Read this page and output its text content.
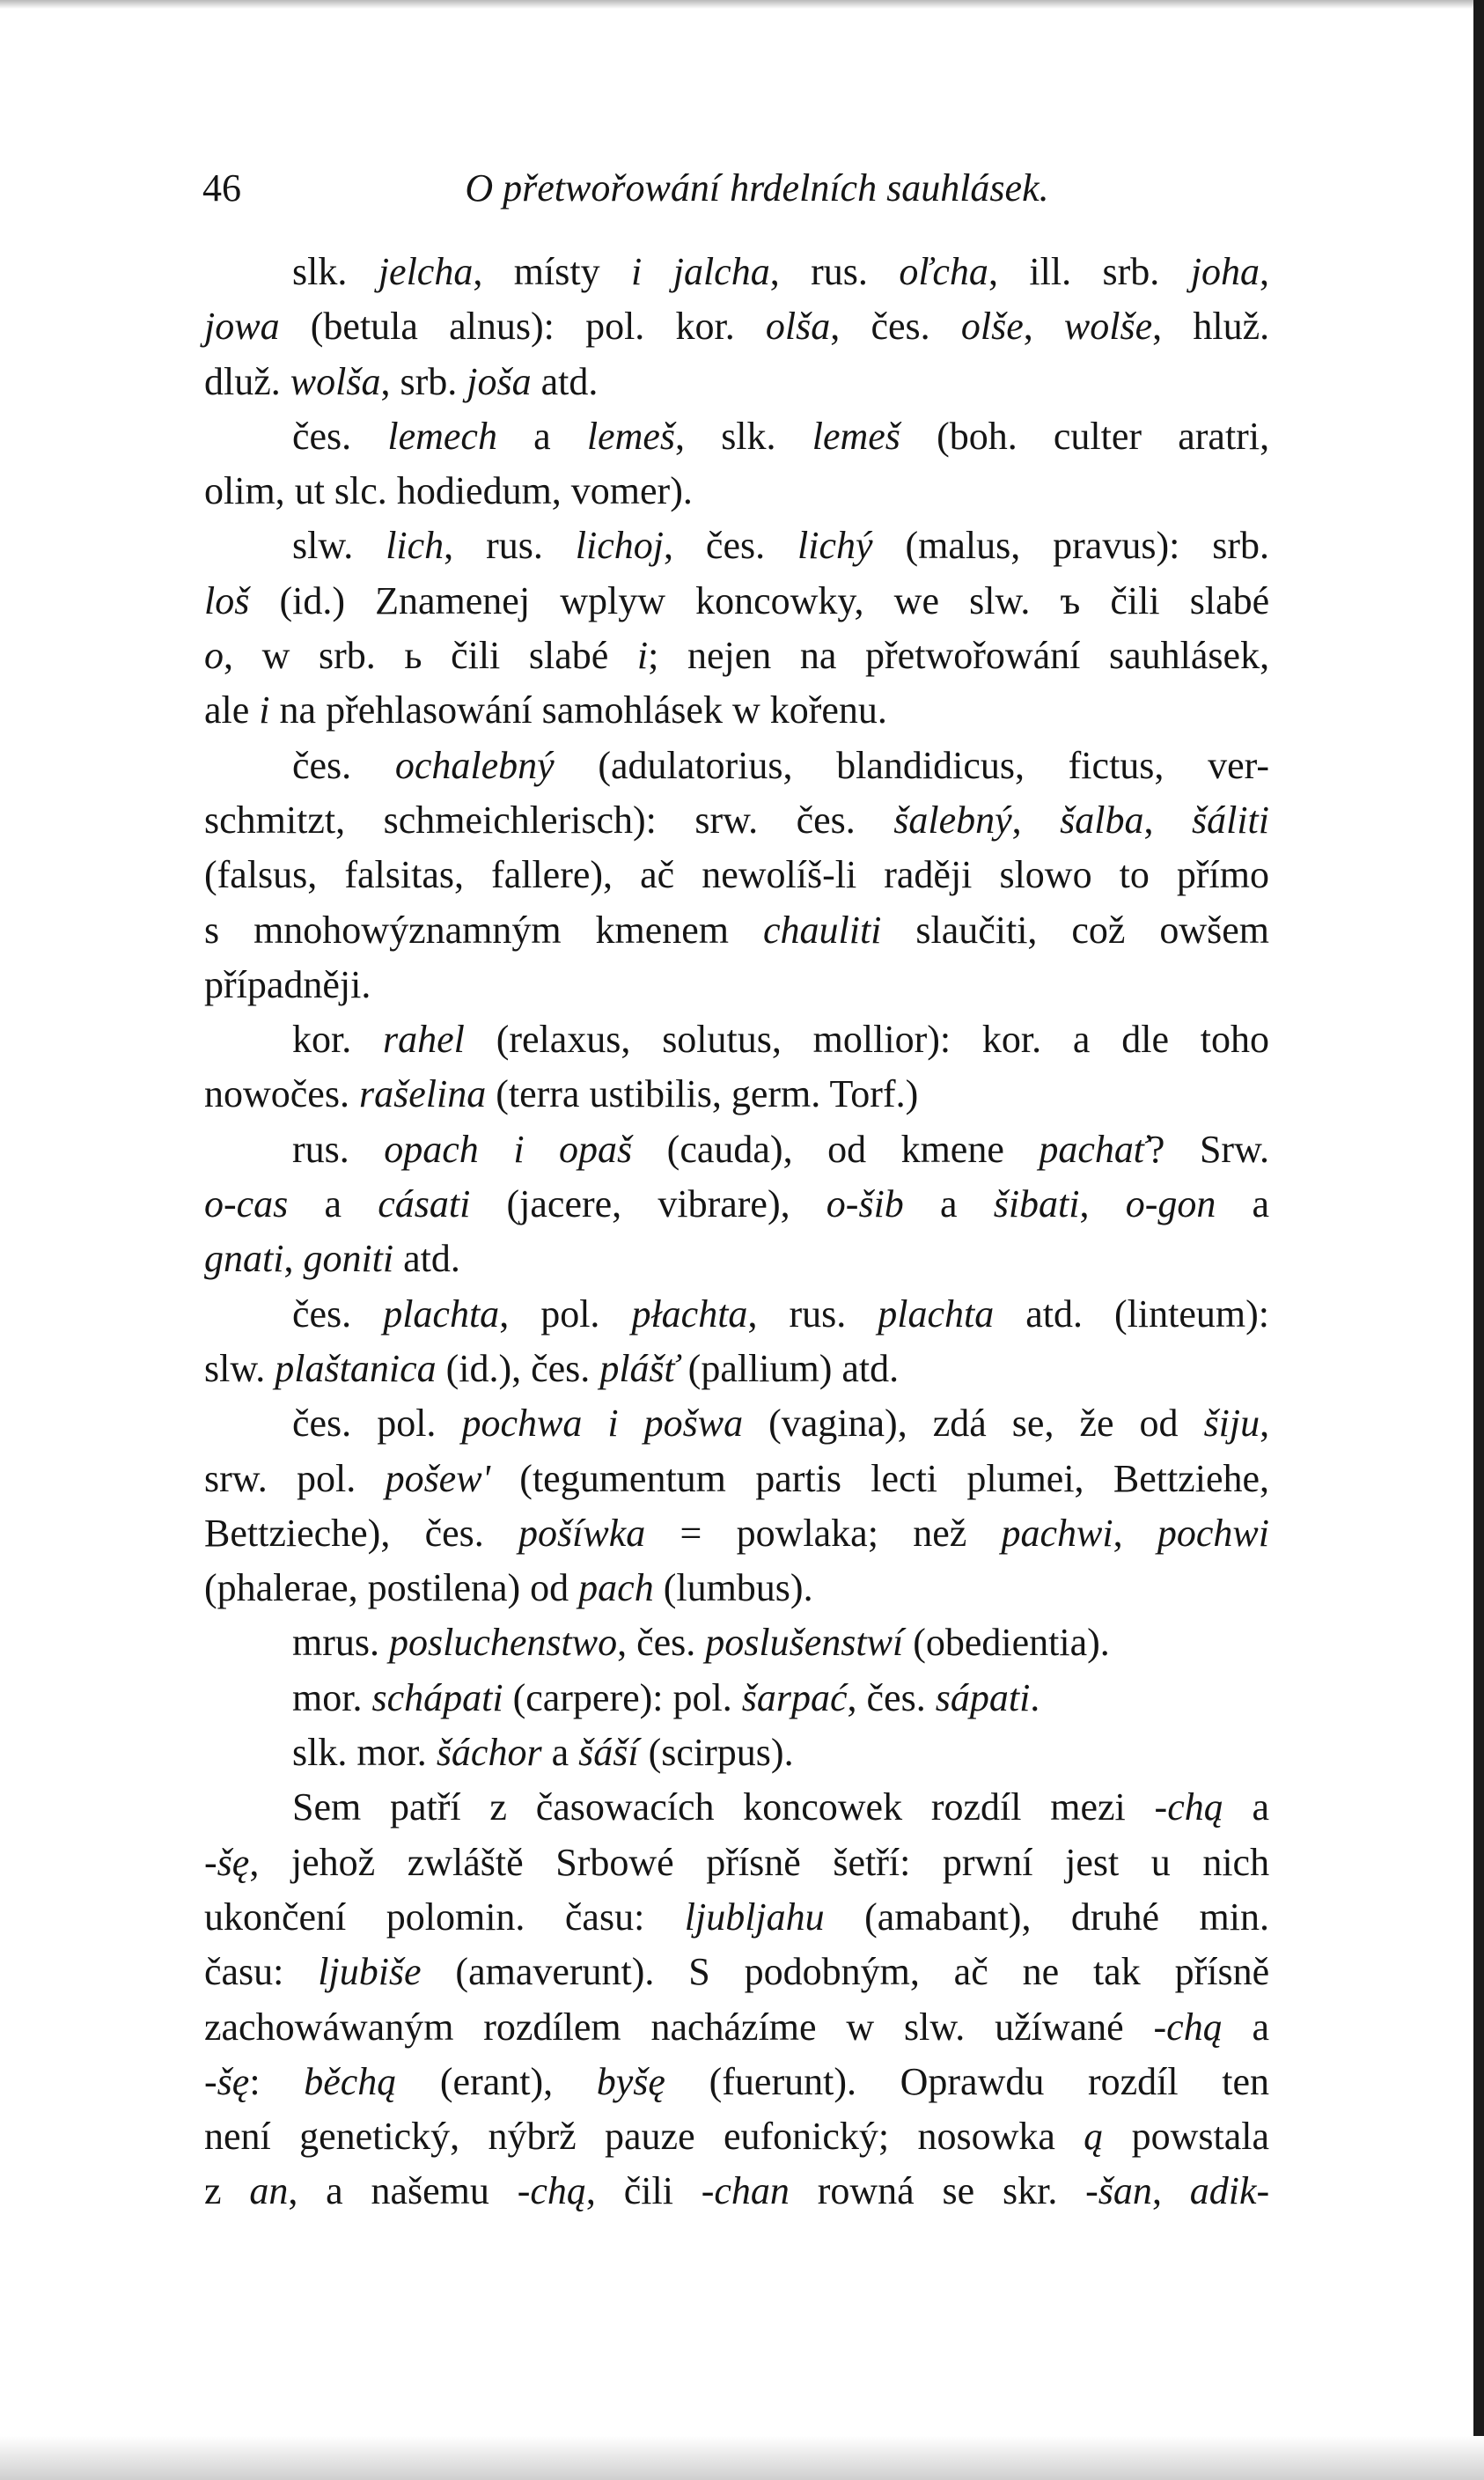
46	O přetwořowání hrdelních sauhlásek.
slk. jelcha, místy i jalcha, rus. oľcha, ill. srb. joha,
jowa (betula alnus): pol. kor. olša, čes. olše, wolše, hluž.
dluž. wolša, srb. joša atd.
čes. lemech a lemeš, slk. lemeš (boh. culter aratri,
olim, ut slc. hodiedum, vomer).
slw. lich, rus. lichoj, čes. lichý (malus, pravus): srb.
loš (id.) Znamenej wplyw koncowky, we slw. ъ čili slabé
o, w srb. ь čili slabé i; nejen na přetwořowání sauhlásek,
ale i na přehlasowání samohlásek w kořenu.
čes. ochalebný (adulatorius, blandidicus, fictus, ver-
schmitzt, schmeichlerisch): srw. čes. šalebný, šalba, šáliti
(falsus, falsitas, fallere), ač newolíš-li raději slowo to přímo
s mnohowýznamným kmenem chauliti slaučiti, což owšem
případněji.
kor. rahel (relaxus, solutus, mollior): kor. a dle toho
nowočes. rašelina (terra ustibilis, germ. Torf.)
rus. opach i opaš (cauda), od kmene pachať? Srw.
o-cas a cásati (jacere, vibrare), o-šib a šibati, o-gon a
gnati, goniti atd.
čes. plachta, pol. płachta, rus. plachta atd. (linteum):
slw. plaštanica (id.), čes. plášť (pallium) atd.
čes. pol. pochwa i pošwa (vagina), zdá se, že od šiju,
srw. pol. pošew' (tegumentum partis lecti plumei, Bettziehe,
Bettzieche), čes. pošíwka = powlaka; než pachwi, pochwi
(phalerae, postilena) od pach (lumbus).
mrus. posluchenstwo, čes. poslušenstwí (obedientia).
mor. schápati (carpere): pol. šarpać, čes. sápati.
slk. mor. šáchor a šáší (scirpus).
Sem patří z časowacích koncowek rozdíl mezi -chą a
-šę, jehož zwláště Srbowé přísně šetří: prwní jest u nich
ukončení polomin. času: ljubljahu (amabant), druhé min.
času: ljubiše (amaverunt). S podobným, ač ne tak přísně
zachowáwaným rozdílem nacházíme w slw. užíwané -chą a
-šę: běchą (erant), byšę (fuerunt). Oprawdu rozdíl ten
není genetický, nýbrž pauze eufonický; nosowka ą powstala
z an, a našemu -chą, čili -chan rowná se skr. -šan, adik-
